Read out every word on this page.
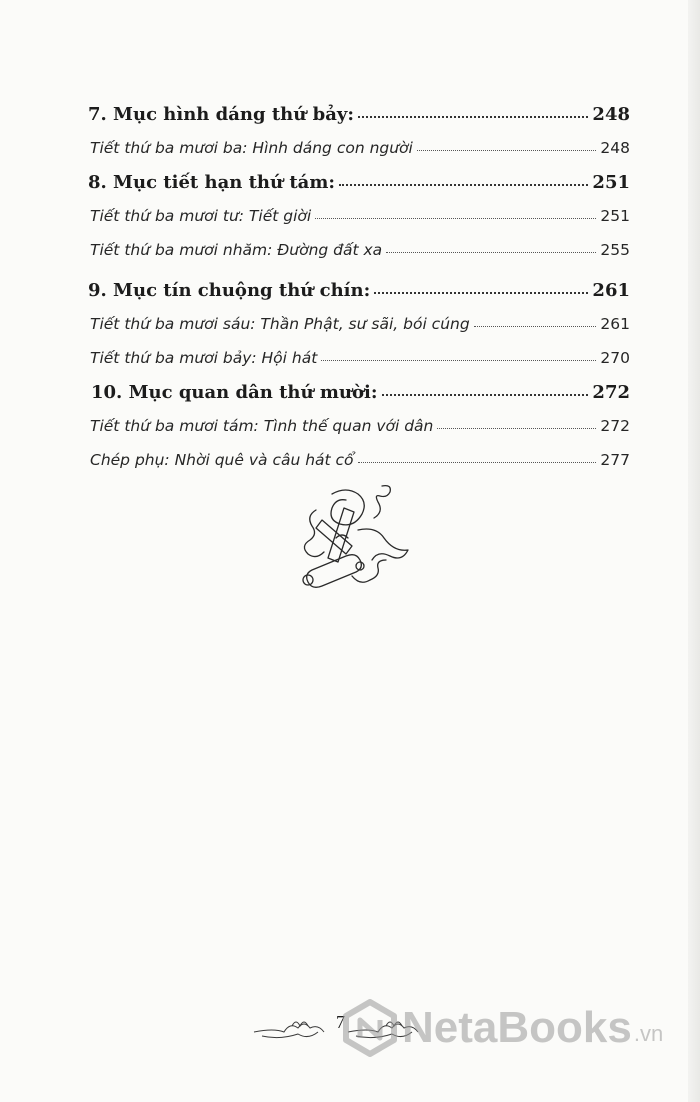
7. Mục hình dáng thứ bảy:	248
Tiết thứ ba mươi ba: Hình dáng con người	248
8. Mục tiết hạn thứ tám:	251
Tiết thứ ba mươi tư: Tiết giời	251
Tiết thứ ba mươi nhăm: Đường đất xa	255
9. Mục tín chuộng thứ chín:	261
Tiết thứ ba mươi sáu: Thần Phật, sư sãi, bói cúng	261
Tiết thứ ba mươi bảy: Hội hát	270
10. Mục quan dân thứ mười:	272
Tiết thứ ba mươi tám: Tình thế quan với dân	272
Chép phụ: Nhời quê và câu hát cổ	277
7 NetaBooks .vn
